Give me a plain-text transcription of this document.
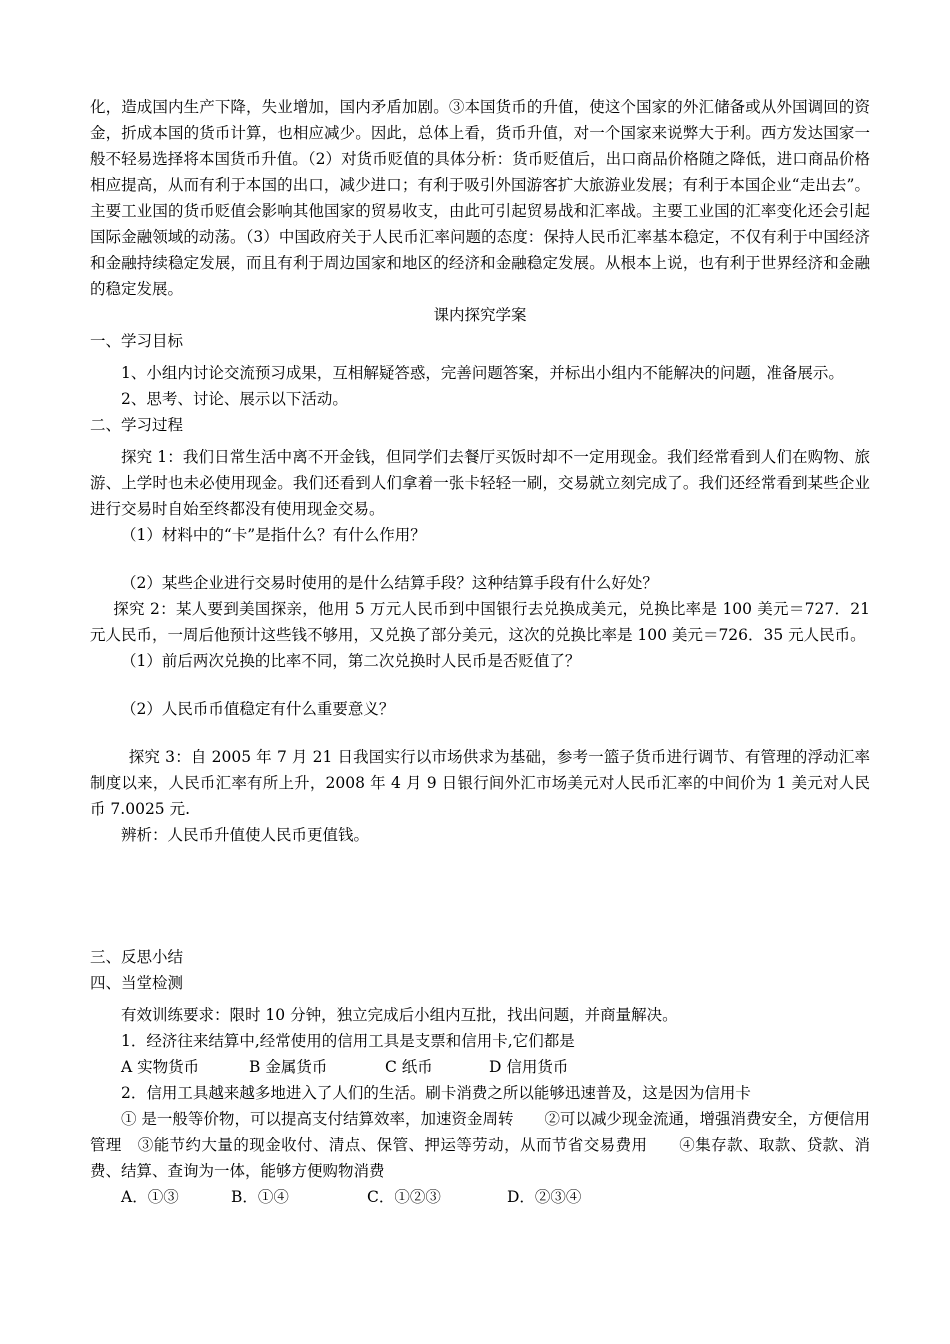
化，造成国内生产下降，失业增加，国内矛盾加剧。③本国货币的升值，使这个国家的外汇储备或从外国调回的资金，折成本国的货币计算，也相应减少。因此，总体上看，货币升值，对一个国家来说弊大于利。西方发达国家一般不轻易选择将本国货币升值。（2）对货币贬值的具体分析：货币贬值后，出口商品价格随之降低，进口商品价格相应提高，从而有利于本国的出口，减少进口；有利于吸引外国游客扩大旅游业发展；有利于本国企业“走出去”。主要工业国的货币贬值会影响其他国家的贸易收支，由此可引起贸易战和汇率战。主要工业国的汇率变化还会引起国际金融领域的动荡。（3）中国政府关于人民币汇率问题的态度：保持人民币汇率基本稳定，不仅有利于中国经济和金融持续稳定发展，而且有利于周边国家和地区的经济和金融稳定发展。从根本上说，也有利于世界经济和金融的稳定发展。

课内探究学案

一、学习目标

1、小组内讨论交流预习成果，互相解疑答惑，完善问题答案，并标出小组内不能解决的问题，准备展示。

2、思考、讨论、展示以下活动。

二、学习过程

探究 1：我们日常生活中离不开金钱，但同学们去餐厅买饭时却不一定用现金。我们经常看到人们在购物、旅游、上学时也未必使用现金。我们还看到人们拿着一张卡轻轻一刷，交易就立刻完成了。我们还经常看到某些企业进行交易时自始至终都没有使用现金交易。

（1）材料中的“卡”是指什么？有什么作用？

（2）某些企业进行交易时使用的是什么结算手段？这种结算手段有什么好处？

探究 2：某人要到美国探亲，他用 5 万元人民币到中国银行去兑换成美元，兑换比率是 100 美元＝727．21 元人民币，一周后他预计这些钱不够用，又兑换了部分美元，这次的兑换比率是 100 美元＝726．35 元人民币。

（1）前后两次兑换的比率不同，第二次兑换时人民币是否贬值了？

（2）人民币币值稳定有什么重要意义？

探究 3：自 2005 年 7 月 21 日我国实行以市场供求为基础，参考一篮子货币进行调节、有管理的浮动汇率制度以来，人民币汇率有所上升，2008 年 4 月 9 日银行间外汇市场美元对人民币汇率的中间价为 1 美元对人民币 7.0025 元.

辨析：人民币升值使人民币更值钱。

三、反思小结

四、当堂检测

有效训练要求：限时 10 分钟，独立完成后小组内互批，找出问题，并商量解决。

1．经济往来结算中,经常使用的信用工具是支票和信用卡,它们都是

A 实物货币	B 金属货币	C 纸币	D 信用货币

2．信用工具越来越多地进入了人们的生活。刷卡消费之所以能够迅速普及，这是因为信用卡

① 是一般等价物，可以提高支付结算效率，加速资金周转　　②可以减少现金流通，增强消费安全，方便信用管理　③能节约大量的现金收付、清点、保管、押运等劳动，从而节省交易费用　　④集存款、取款、贷款、消费、结算、查询为一体，能够方便购物消费

A．①③	B．①④	C．①②③	D．②③④
